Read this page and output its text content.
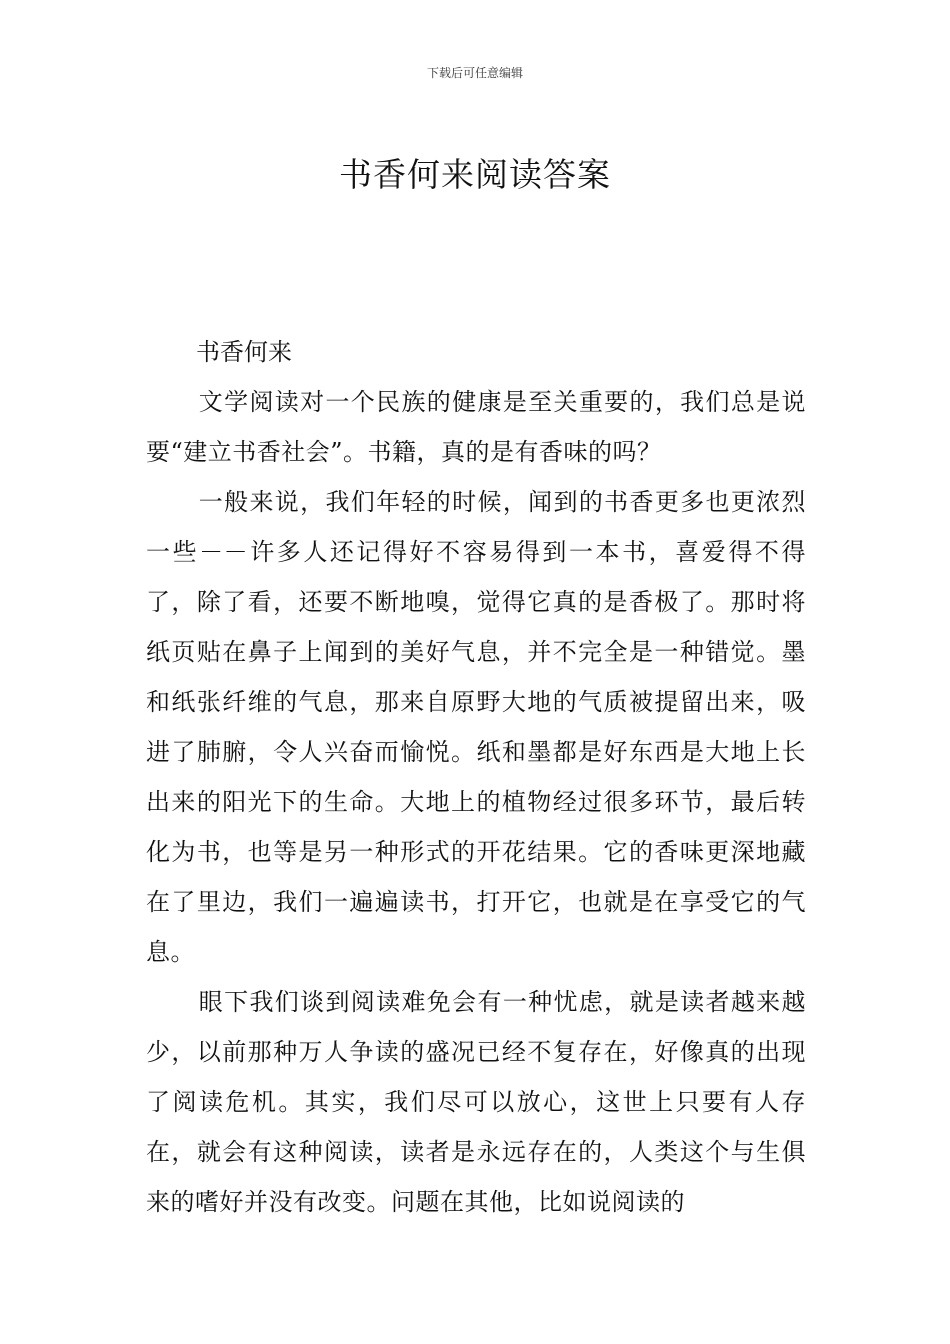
下载后可任意编辑
书香何来阅读答案
书香何来

文学阅读对一个民族的健康是至关重要的，我们总是说要“建立书香社会”。书籍，真的是有香味的吗？

一般来说，我们年轻的时候，闻到的书香更多也更浓烈一些－－许多人还记得好不容易得到一本书，喜爱得不得了，除了看，还要不断地嗅，觉得它真的是香极了。那时将纸页贴在鼻子上闻到的美好气息，并不完全是一种错觉。墨和纸张纤维的气息，那来自原野大地的气质被提留出来，吸进了肺腑，令人兴奋而愉悦。纸和墨都是好东西是大地上长出来的阳光下的生命。大地上的植物经过很多环节，最后转化为书，也等是另一种形式的开花结果。它的香味更深地藏在了里边，我们一遍遍读书，打开它，也就是在享受它的气息。

眼下我们谈到阅读难免会有一种忧虑，就是读者越来越少，以前那种万人争读的盛况已经不复存在，好像真的出现了阅读危机。其实，我们尽可以放心，这世上只要有人存在，就会有这种阅读，读者是永远存在的，人类这个与生俱来的嗜好并没有改变。问题在其他，比如说阅读的
